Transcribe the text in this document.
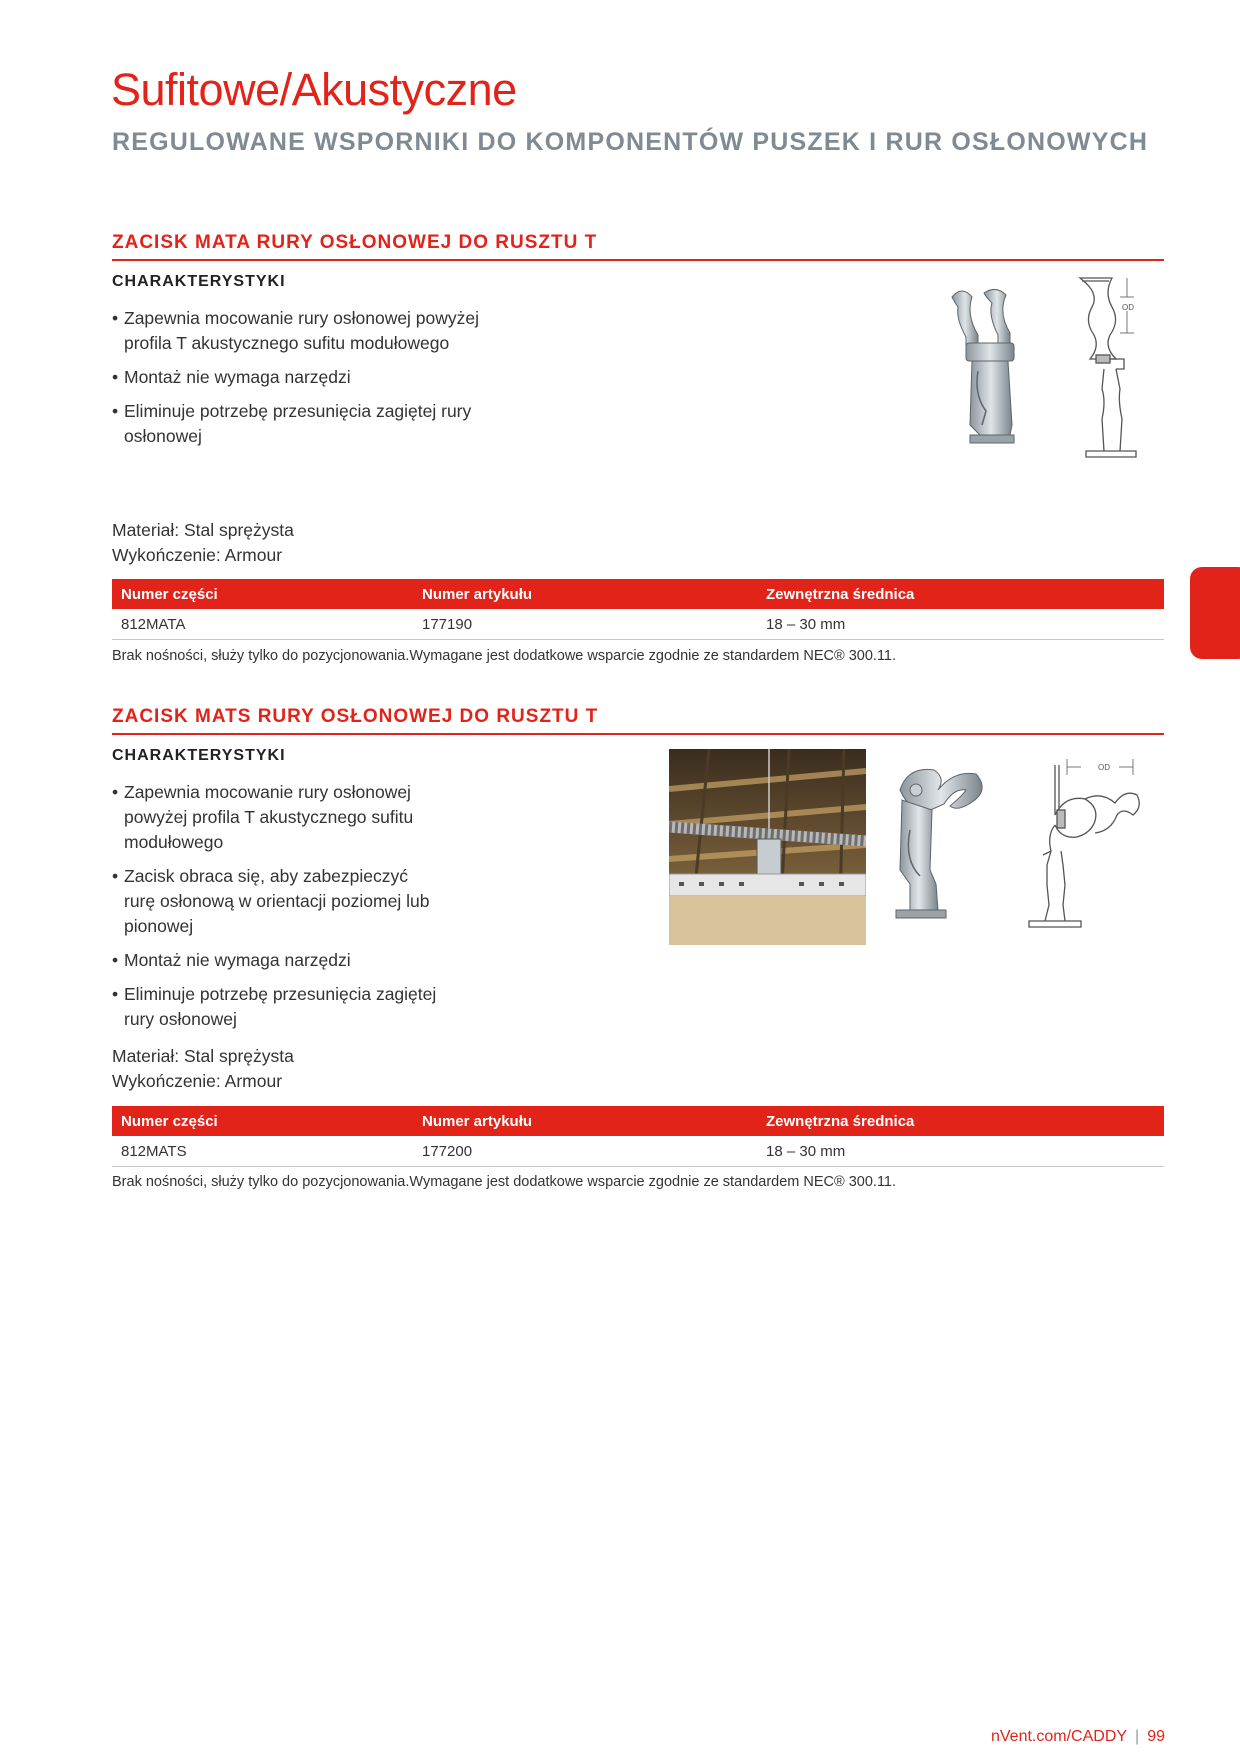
Sufitowe/Akustyczne
REGULOWANE WSPORNIKI DO KOMPONENTÓW PUSZEK I RUR OSŁONOWYCH
ZACISK MATA RURY OSŁONOWEJ DO RUSZTU T
CHARAKTERYSTYKI
• Zapewnia mocowanie rury osłonowej powyżej profila T akustycznego sufitu modułowego
• Montaż nie wymaga narzędzi
• Eliminuje potrzebę przesunięcia zagiętej rury osłonowej
OD
Materiał: Stal sprężysta
Wykończenie: Armour
Numer części	Numer artykułu	Zewnętrzna średnica
812MATA	177190	18 – 30 mm
Brak nośności, służy tylko do pozycjonowania.Wymagane jest dodatkowe wsparcie zgodnie ze standardem NEC® 300.11.
ZACISK MATS RURY OSŁONOWEJ DO RUSZTU T
CHARAKTERYSTYKI
• Zapewnia mocowanie rury osłonowej powyżej profila T akustycznego sufitu modułowego
• Zacisk obraca się, aby zabezpieczyć rurę osłonową w orientacji poziomej lub pionowej
• Montaż nie wymaga narzędzi
• Eliminuje potrzebę przesunięcia zagiętej rury osłonowej
OD
Materiał: Stal sprężysta
Wykończenie: Armour
Numer części	Numer artykułu	Zewnętrzna średnica
812MATS	177200	18 – 30 mm
Brak nośności, służy tylko do pozycjonowania.Wymagane jest dodatkowe wsparcie zgodnie ze standardem NEC® 300.11.
nVent.com/CADDY | 99
